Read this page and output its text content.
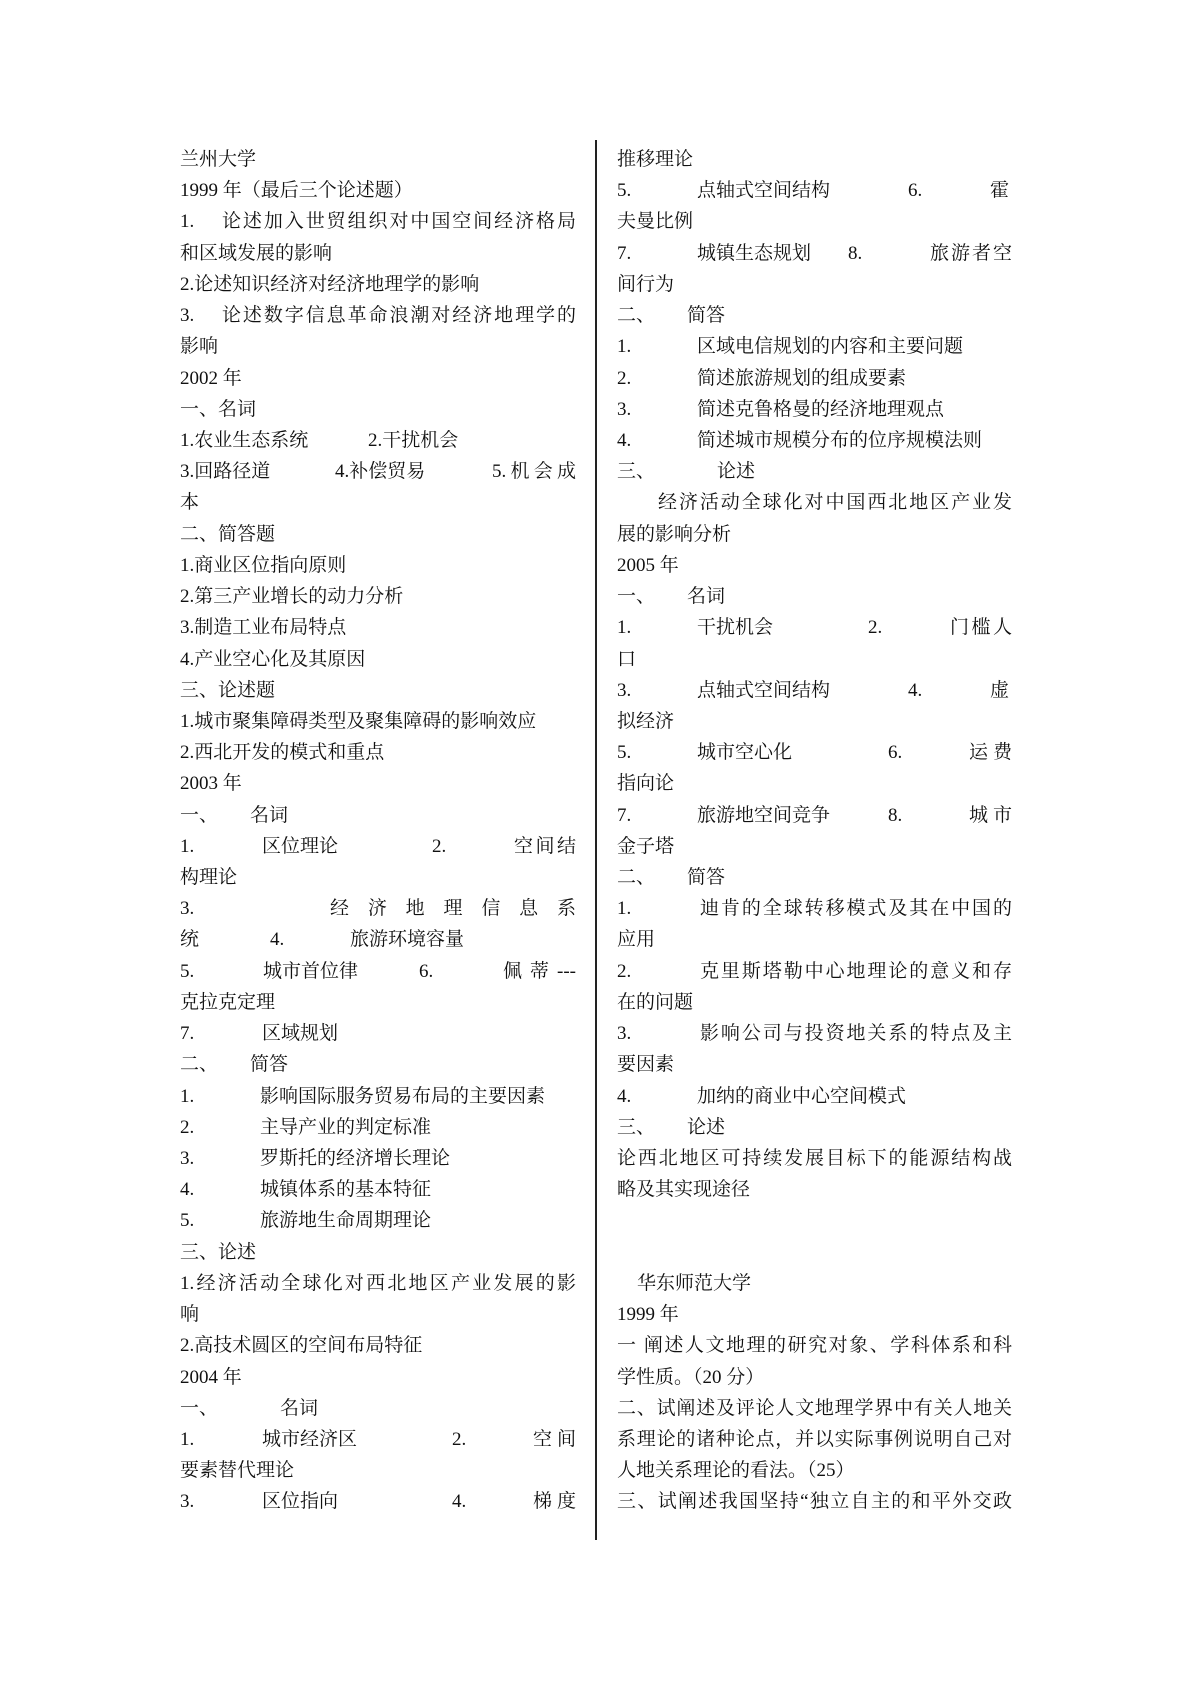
兰州大学
1999 年（最后三个论述题）
1. 论述加入世贸组织对中国空间经济格局
和区域发展的影响
2.论述知识经济对经济地理学的影响
3. 论述数字信息革命浪潮对经济地理学的
影响
2002 年
一、名词
1.农业生态系统	2.干扰机会
3.回路径道	4.补偿贸易	5.机会成
本
二、简答题
1.商业区位指向原则
2.第三产业增长的动力分析
3.制造工业布局特点
4.产业空心化及其原因
三、论述题
1.城市聚集障碍类型及聚集障碍的影响效应
2.西北开发的模式和重点
2003 年
一、 名词
1.	区位理论	2.	空间结
构理论
3.	经济地理信息系
统	4.	旅游环境容量
5.	城市首位律	6.	佩蒂---
克拉克定理
7.	区域规划
二、 简答
1.	影响国际服务贸易布局的主要因素
2.	主导产业的判定标准
3.	罗斯托的经济增长理论
4.	城镇体系的基本特征
5.	旅游地生命周期理论
三、论述
1.经济活动全球化对西北地区产业发展的影
响
2.高技术圆区的空间布局特征
2004 年
一、	名词
1.	城市经济区	2.	空间
要素替代理论
3.	区位指向	4.	梯度
推移理论
5.	点轴式空间结构	6.	霍
夫曼比例
7.	城镇生态规划 8.	旅游者空
间行为
二、 简答
1.	区域电信规划的内容和主要问题
2.	简述旅游规划的组成要素
3.	简述克鲁格曼的经济地理观点
4.	简述城市规模分布的位序规模法则
三、	论述
经济活动全球化对中国西北地区产业发
展的影响分析
2005 年
一、 名词
1.	干扰机会	2.	门槛人
口
3.	点轴式空间结构	4.	虚
拟经济
5.	城市空心化	6.	运费
指向论
7.	旅游地空间竞争	8.	城市
金子塔
二、 简答
1.	迪肯的全球转移模式及其在中国的
应用
2.	克里斯塔勒中心地理论的意义和存
在的问题
3.	影响公司与投资地关系的特点及主
要因素
4.	加纳的商业中心空间模式
三、 论述
论西北地区可持续发展目标下的能源结构战
略及其实现途径
华东师范大学
1999 年
一 阐述人文地理的研究对象、学科体系和科
学性质。（20 分）
二、试阐述及评论人文地理学界中有关人地关
系理论的诸种论点，并以实际事例说明自己对
人地关系理论的看法。（25）
三、试阐述我国坚持“独立自主的和平外交政
